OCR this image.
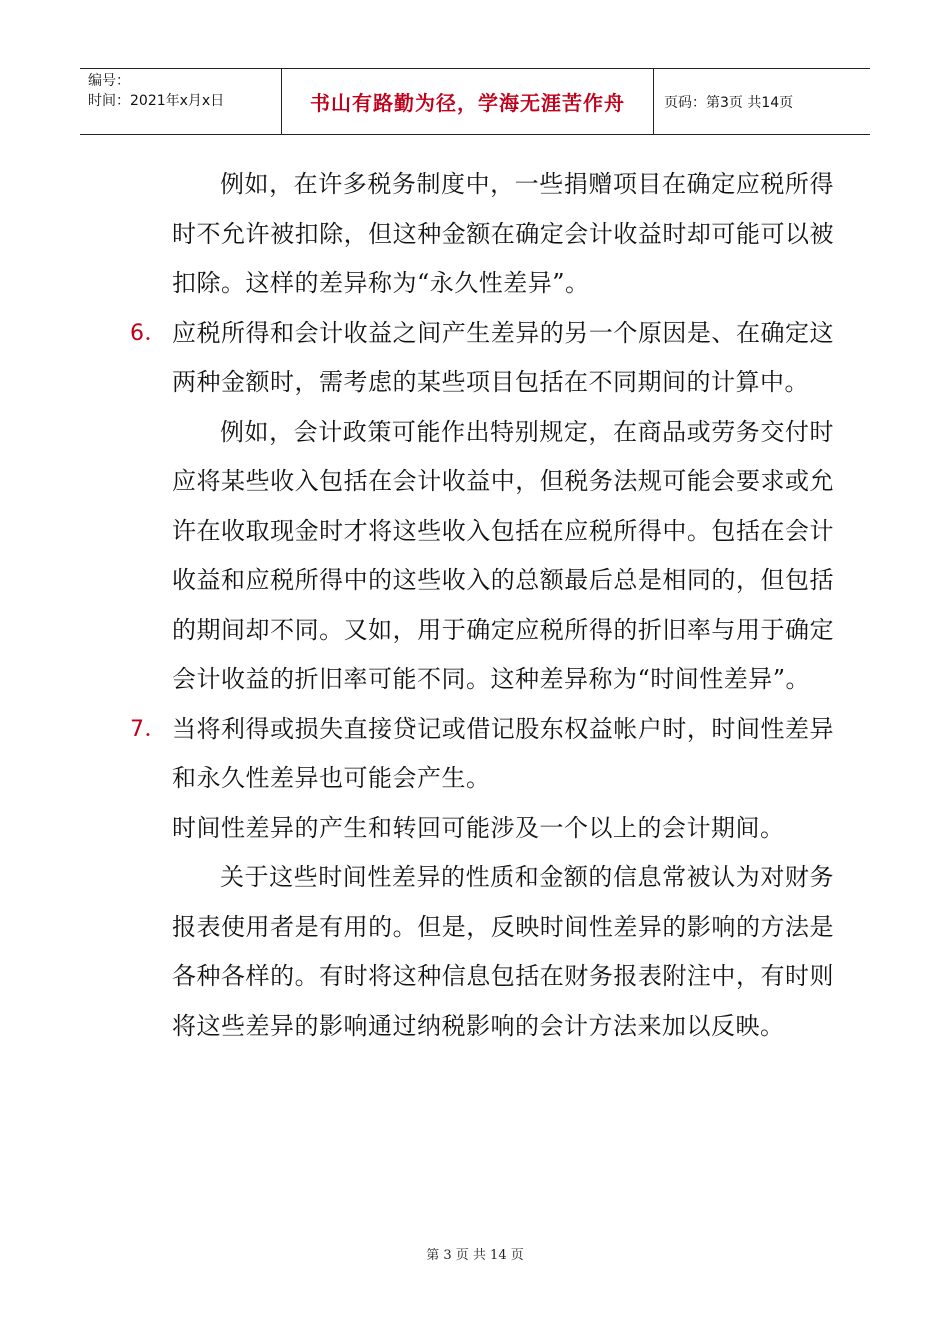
编号：
时间：2021年x月x日	书山有路勤为径，学海无涯苦作舟	页码：第3页 共14页

例如，在许多税务制度中，一些捐赠项目在确定应税所得时不允许被扣除，但这种金额在确定会计收益时却可能可以被扣除。这样的差异称为“永久性差异”。

6． 应税所得和会计收益之间产生差异的另一个原因是、在确定这两种金额时，需考虑的某些项目包括在不同期间的计算中。

例如，会计政策可能作出特别规定，在商品或劳务交付时应将某些收入包括在会计收益中，但税务法规可能会要求或允许在收取现金时才将这些收入包括在应税所得中。包括在会计收益和应税所得中的这些收入的总额最后总是相同的，但包括的期间却不同。又如，用于确定应税所得的折旧率与用于确定会计收益的折旧率可能不同。这种差异称为“时间性差异”。

7． 当将利得或损失直接贷记或借记股东权益帐户时，时间性差异和永久性差异也可能会产生。

时间性差异的产生和转回可能涉及一个以上的会计期间。

关于这些时间性差异的性质和金额的信息常被认为对财务报表使用者是有用的。但是，反映时间性差异的影响的方法是各种各样的。有时将这种信息包括在财务报表附注中，有时则将这些差异的影响通过纳税影响的会计方法来加以反映。

第 3 页 共 14 页
